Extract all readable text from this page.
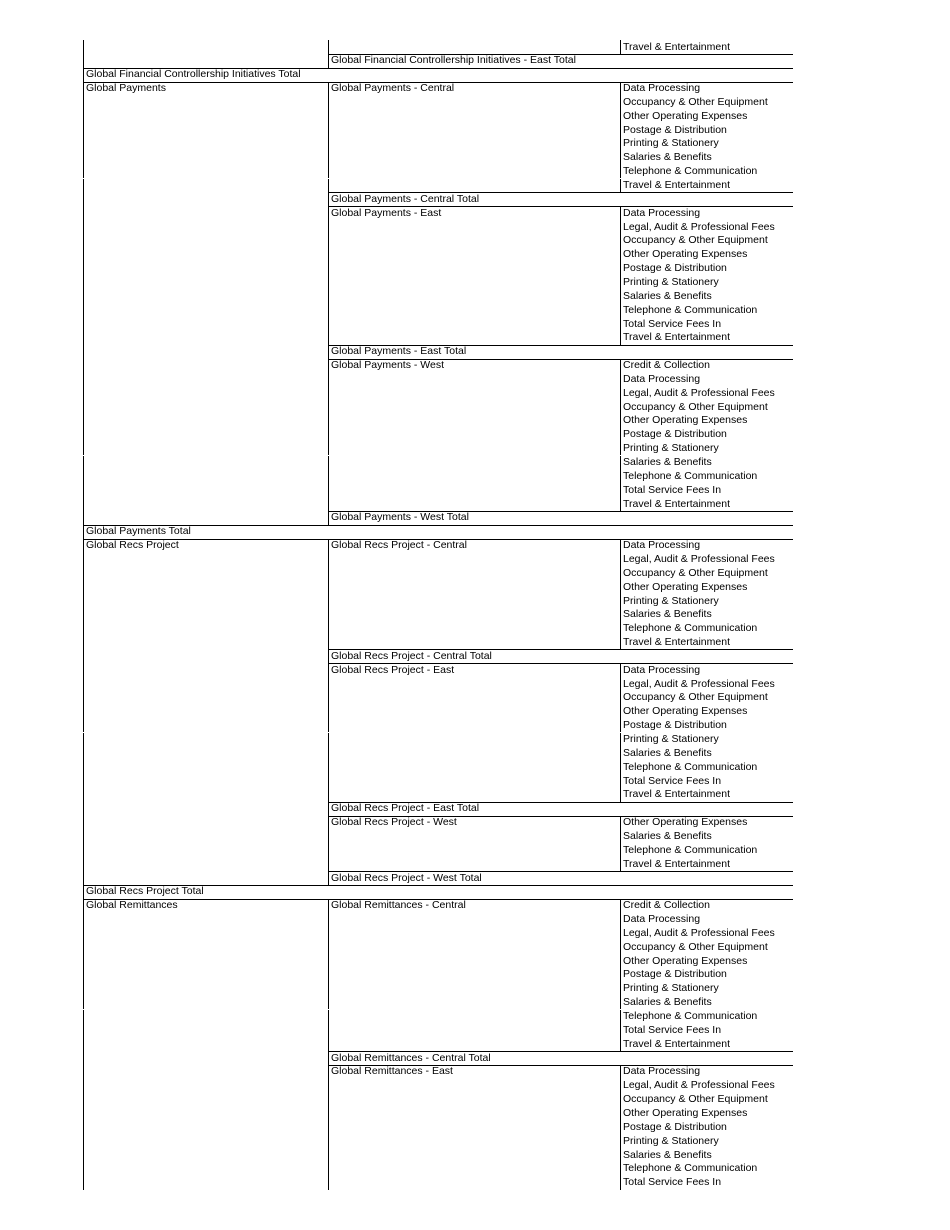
Travel & Entertainment
Global Financial Controllership Initiatives - East Total
Global Financial Controllership Initiatives Total
Global Payments	Global Payments - Central	Data Processing
Occupancy & Other Equipment
Other Operating Expenses
Postage & Distribution
Printing & Stationery
Salaries & Benefits
Telephone & Communication
Travel & Entertainment
Global Payments - Central Total
Global Payments - East	Data Processing
Legal, Audit & Professional Fees
Occupancy & Other Equipment
Other Operating Expenses
Postage & Distribution
Printing & Stationery
Salaries & Benefits
Telephone & Communication
Total Service Fees In
Travel & Entertainment
Global Payments - East Total
Global Payments - West	Credit & Collection
Data Processing
Legal, Audit & Professional Fees
Occupancy & Other Equipment
Other Operating Expenses
Postage & Distribution
Printing & Stationery
Salaries & Benefits
Telephone & Communication
Total Service Fees In
Travel & Entertainment
Global Payments - West Total
Global Payments Total
Global Recs Project	Global Recs Project - Central	Data Processing
Legal, Audit & Professional Fees
Occupancy & Other Equipment
Other Operating Expenses
Printing & Stationery
Salaries & Benefits
Telephone & Communication
Travel & Entertainment
Global Recs Project - Central Total
Global Recs Project - East	Data Processing
Legal, Audit & Professional Fees
Occupancy & Other Equipment
Other Operating Expenses
Postage & Distribution
Printing & Stationery
Salaries & Benefits
Telephone & Communication
Total Service Fees In
Travel & Entertainment
Global Recs Project - East Total
Global Recs Project - West	Other Operating Expenses
Salaries & Benefits
Telephone & Communication
Travel & Entertainment
Global Recs Project - West Total
Global Recs Project Total
Global Remittances	Global Remittances - Central	Credit & Collection
Data Processing
Legal, Audit & Professional Fees
Occupancy & Other Equipment
Other Operating Expenses
Postage & Distribution
Printing & Stationery
Salaries & Benefits
Telephone & Communication
Total Service Fees In
Travel & Entertainment
Global Remittances - Central Total
Global Remittances - East	Data Processing
Legal, Audit & Professional Fees
Occupancy & Other Equipment
Other Operating Expenses
Postage & Distribution
Printing & Stationery
Salaries & Benefits
Telephone & Communication
Total Service Fees In
